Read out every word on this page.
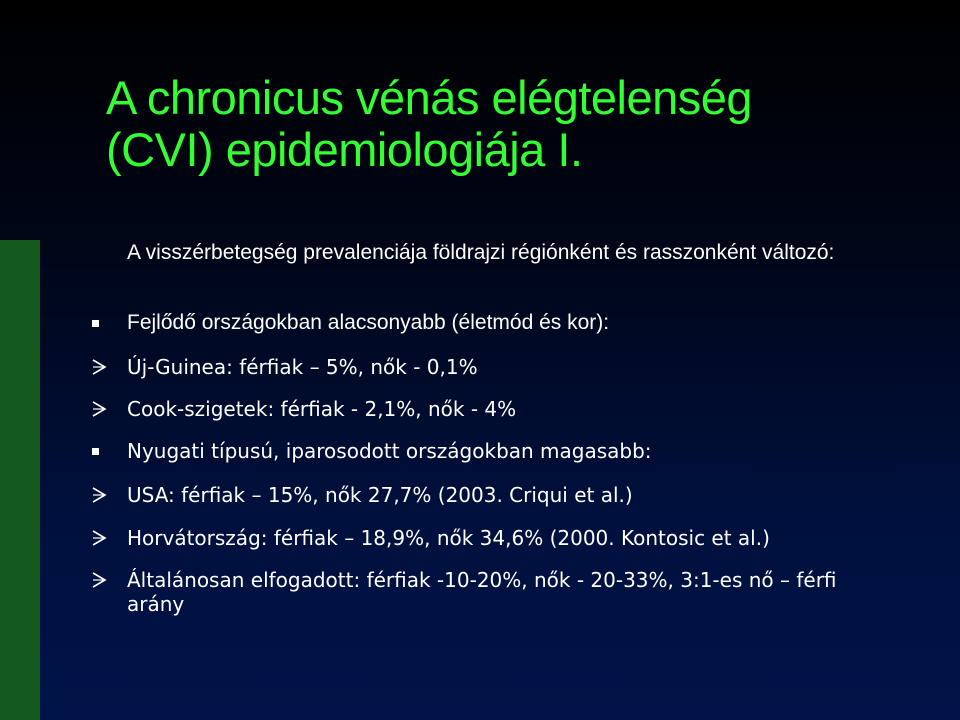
A chronicus vénás elégtelenség
(CVI) epidemiologiája I.

A visszérbetegség prevalenciája földrajzi régiónként és rasszonként változó:

Fejlődő országokban alacsonyabb (életmód és kor):
Új-Guinea: férfiak – 5%, nők - 0,1%
Cook-szigetek: férfiak - 2,1%, nők - 4%
Nyugati típusú, iparosodott országokban magasabb:
USA: férfiak – 15%, nők 27,7% (2003. Criqui et al.)
Horvátország: férfiak – 18,9%, nők 34,6% (2000. Kontosic et al.)
Általánosan elfogadott: férfiak -10-20%, nők - 20-33%, 3:1-es nő – férfi arány
